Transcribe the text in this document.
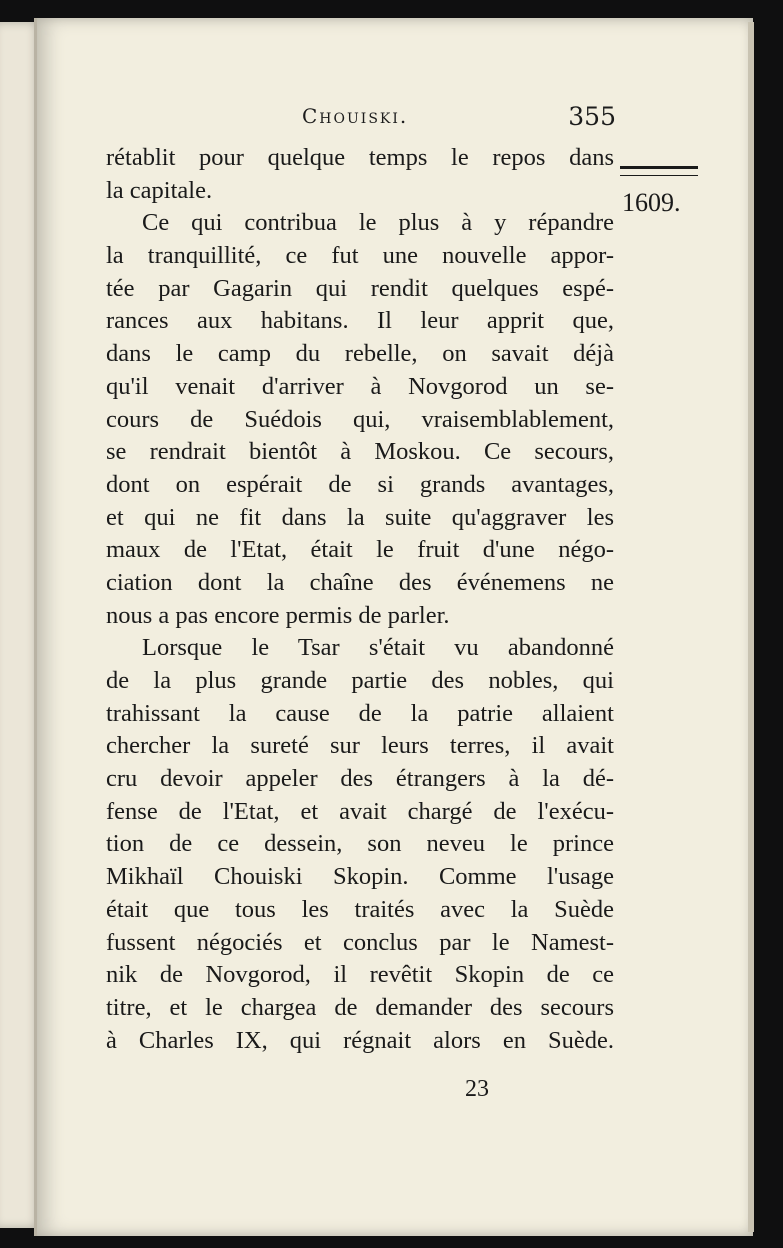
Chouiski.	355
1609.
rétablit pour quelque temps le repos dans
la capitale.
Ce qui contribua le plus à y répandre
la tranquillité, ce fut une nouvelle appor-
tée par Gagarin qui rendit quelques espé-
rances aux habitans. Il leur apprit que,
dans le camp du rebelle, on savait déjà
qu'il venait d'arriver à Novgorod un se-
cours de Suédois qui, vraisemblablement,
se rendrait bientôt à Moskou. Ce secours,
dont on espérait de si grands avantages,
et qui ne fit dans la suite qu'aggraver les
maux de l'Etat, était le fruit d'une négo-
ciation dont la chaîne des événemens ne
nous a pas encore permis de parler.
Lorsque le Tsar s'était vu abandonné
de la plus grande partie des nobles, qui
trahissant la cause de la patrie allaient
chercher la sureté sur leurs terres, il avait
cru devoir appeler des étrangers à la dé-
fense de l'Etat, et avait chargé de l'exécu-
tion de ce dessein, son neveu le prince
Mikhaïl Chouiski Skopin. Comme l'usage
était que tous les traités avec la Suède
fussent négociés et conclus par le Namest-
nik de Novgorod, il revêtit Skopin de ce
titre, et le chargea de demander des secours
à Charles IX, qui régnait alors en Suède.
23
